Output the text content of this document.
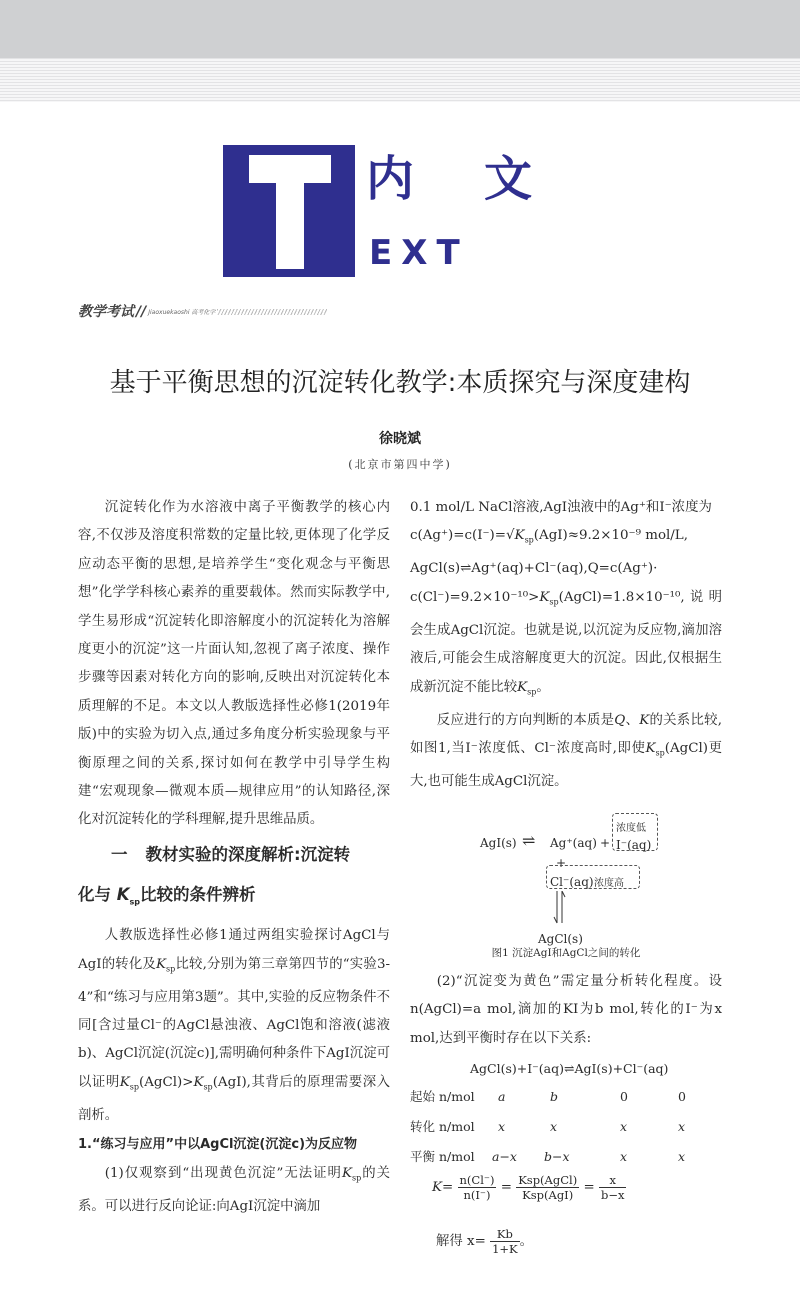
内文
EXT
教学考试 // Jiaoxuekaoshi 高考化学
基于平衡思想的沉淀转化教学:本质探究与深度建构
徐晓斌
(北京市第四中学)

沉淀转化作为水溶液中离子平衡教学的核心内容,不仅涉及溶度积常数的定量比较,更体现了化学反应动态平衡的思想,是培养学生“变化观念与平衡思想”化学学科核心素养的重要载体。然而实际教学中,学生易形成“沉淀转化即溶解度小的沉淀转化为溶解度更小的沉淀”这一片面认知,忽视了离子浓度、操作步骤等因素对转化方向的影响,反映出对沉淀转化本质理解的不足。本文以人教版选择性必修1(2019年版)中的实验为切入点,通过多角度分析实验现象与平衡原理之间的关系,探讨如何在教学中引导学生构建“宏观现象—微观本质—规律应用”的认知路径,深化对沉淀转化的学科理解,提升思维品质。

一 教材实验的深度解析:沉淀转
化与 $K_{sp}$比较的条件辨析

人教版选择性必修1通过两组实验探讨AgCl与AgI的转化及$K_{sp}$比较,分别为第三章第四节的“实验3-4”和“练习与应用第3题”。其中,实验的反应物条件不同[含过量Cl⁻的AgCl悬浊液、AgCl饱和溶液(滤液b)、AgCl沉淀(沉淀c)],需明确何种条件下AgI沉淀可以证明$K_{sp}(AgCl)>K_{sp}(AgI)$,其背后的原理需要深入剖析。

1.“练习与应用”中以AgCl沉淀(沉淀c)为反应物

(1)仅观察到“出现黄色沉淀”无法证明$K_{sp}$的关系。可以进行反向论证:向AgI沉淀中滴加

0.1 mol/L NaCl溶液,AgI浊液中的Ag⁺和I⁻浓度为
$c(Ag^+)=c(I^-)=√K_{sp}(AgI)\approx 9.2\times 10^{-9}$ mol/L,
AgCl(s)⇌Ag⁺(aq)+Cl⁻(aq),Q=c(Ag⁺)·
$c(Cl^-)=9.2\times 10^{-10}>K_{sp}(AgCl)=1.8\times 10^{-10}$,说明会生成AgCl沉淀。也就是说,以沉淀为反应物,滴加溶液后,可能会生成溶解度更大的沉淀。因此,仅根据生成新沉淀不能比较$K_{sp}$。

反应进行的方向判断的本质是Q、K的关系比较,如图1,当I⁻浓度低、Cl⁻浓度高时,即使$K_{sp}(AgCl)$更大,也可能生成AgCl沉淀。

AgI(s) ⇌ Ag⁺(aq) +
浓度低
I⁻(aq)
+
Cl⁻(aq) 浓度高
AgCl(s)
图1 沉淀AgI和AgCl之间的转化

(2)“沉淀变为黄色”需定量分析转化程度。设n(AgCl)=a mol,滴加的KI为b mol,转化的I⁻为x mol,达到平衡时存在以下关系:

AgCl(s)+I⁻(aq)⇌AgI(s)+Cl⁻(aq)
起始 n/mol a	b	0	0
转化 n/mol x	x	x	x
平衡 n/mol a−x b−x	x	x
$K= \frac{n(Cl^-)}{n(I^-)} = \frac{\text{Ksp(AgCl)}}{\text{Ksp(AgI)}} = \frac{x}{b-x}$
解得 $x= \frac{Kb}{1+K}$ 。
